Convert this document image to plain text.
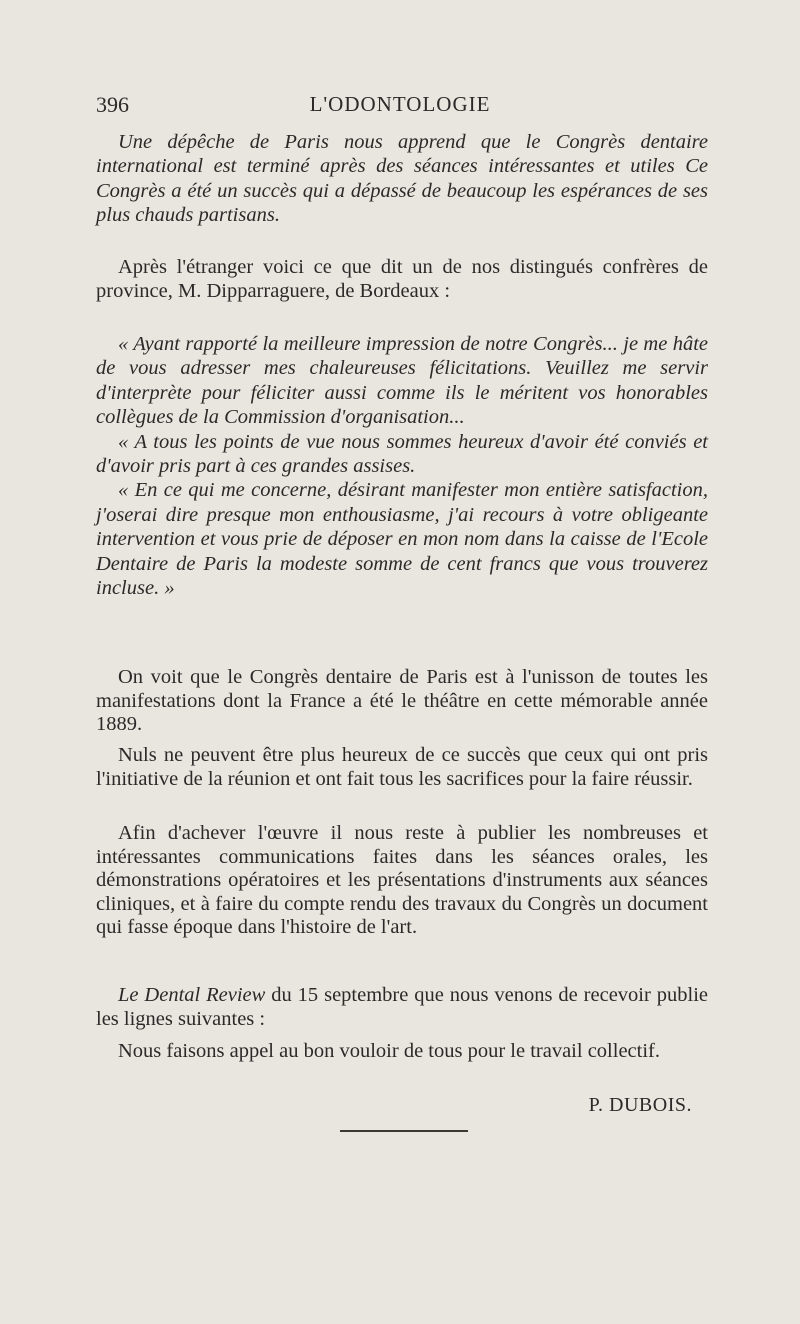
396	L'ODONTOLOGIE

Une dépêche de Paris nous apprend que le Congrès dentaire international est terminé après des séances intéressantes et utiles Ce Congrès a été un succès qui a dépassé de beaucoup les espérances de ses plus chauds partisans.

Après l'étranger voici ce que dit un de nos distingués confrères de province, M. Dipparraguere, de Bordeaux :

« Ayant rapporté la meilleure impression de notre Congrès... je me hâte de vous adresser mes chaleureuses félicitations. Veuillez me servir d'interprète pour féliciter aussi comme ils le méritent vos honorables collègues de la Commission d'organisation...

« A tous les points de vue nous sommes heureux d'avoir été conviés et d'avoir pris part à ces grandes assises.

« En ce qui me concerne, désirant manifester mon entière satisfaction, j'oserai dire presque mon enthousiasme, j'ai recours à votre obligeante intervention et vous prie de déposer en mon nom dans la caisse de l'Ecole Dentaire de Paris la modeste somme de cent francs que vous trouverez incluse. »

On voit que le Congrès dentaire de Paris est à l'unisson de toutes les manifestations dont la France a été le théâtre en cette mémorable année 1889.

Nuls ne peuvent être plus heureux de ce succès que ceux qui ont pris l'initiative de la réunion et ont fait tous les sacrifices pour la faire réussir.

Afin d'achever l'œuvre il nous reste à publier les nombreuses et intéressantes communications faites dans les séances orales, les démonstrations opératoires et les présentations d'instruments aux séances cliniques, et à faire du compte rendu des travaux du Congrès un document qui fasse époque dans l'histoire de l'art.

Le Dental Review du 15 septembre que nous venons de recevoir publie les lignes suivantes :

Nous faisons appel au bon vouloir de tous pour le travail collectif.

P. DUBOIS.
